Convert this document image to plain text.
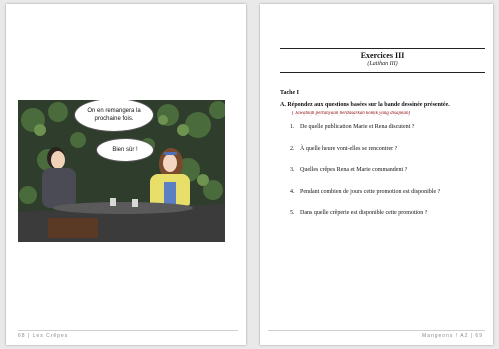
On en remangera la prochaine fois.
Bien sûr !
68 | Les Crêpes
Exercices III
(Latihan III)
Tache I
A. Répondez aux questions basées sur la bande dessinée présentée.
( Jawablah pertanyaan berdasarkan komik yang disajikan)
1. De quelle publication Marie et Rena discutent ?
2. À quelle heure vont-elles se rencontrer ?
3. Quelles crêpes Rena et Marie commandent ?
4. Pendant combien de jours cette promotion est disponible ?
5. Dans quelle crêperie est disponible cette promotion ?
Mangeons ! A2 | 69
